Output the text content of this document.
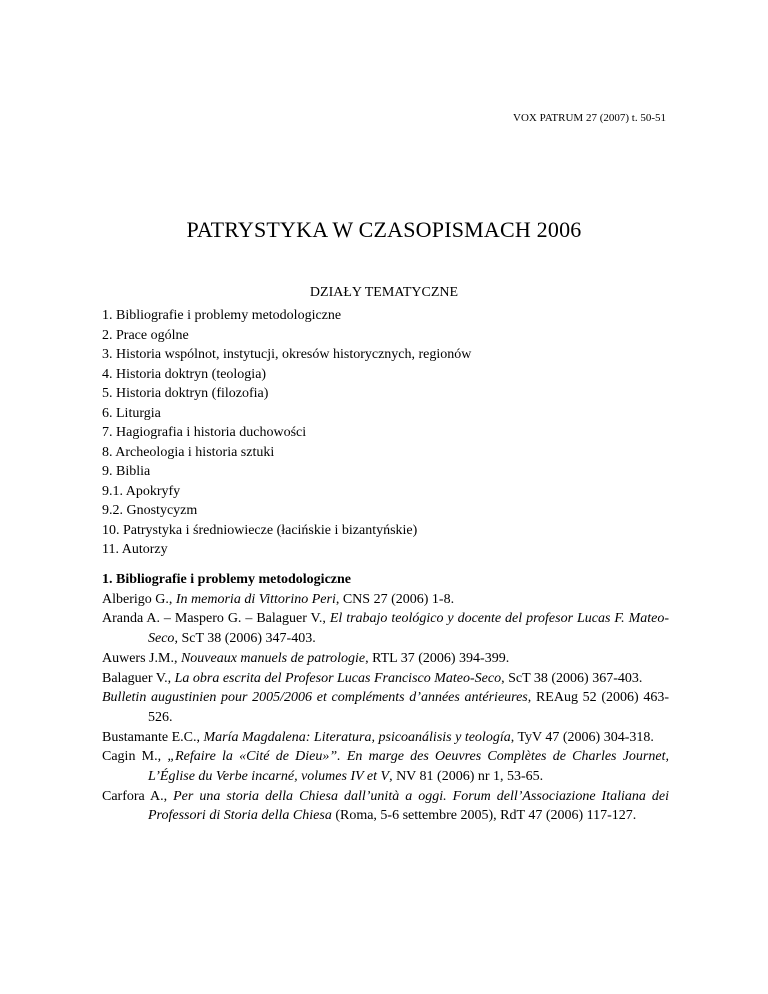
VOX PATRUM 27 (2007) t. 50-51
PATRYSTYKA W CZASOPISMACH 2006
DZIAŁY TEMATYCZNE
1. Bibliografie i problemy metodologiczne
2. Prace ogólne
3. Historia wspólnot, instytucji, okresów historycznych, regionów
4. Historia doktryn (teologia)
5. Historia doktryn (filozofia)
6. Liturgia
7. Hagiografia i historia duchowości
8. Archeologia i historia sztuki
9. Biblia
9.1. Apokryfy
9.2. Gnostycyzm
10. Patrystyka i średniowiecze (łacińskie i bizantyńskie)
11. Autorzy

1. Bibliografie i problemy metodologiczne

Alberigo G., In memoria di Vittorino Peri, CNS 27 (2006) 1-8.
Aranda A. – Maspero G. – Balaguer V., El trabajo teológico y docente del profesor Lucas F. Mateo-Seco, ScT 38 (2006) 347-403.
Auwers J.M., Nouveaux manuels de patrologie, RTL 37 (2006) 394-399.
Balaguer V., La obra escrita del Profesor Lucas Francisco Mateo-Seco, ScT 38 (2006) 367-403.
Bulletin augustinien pour 2005/2006 et compléments d’années antérieures, REAug 52 (2006) 463-526.
Bustamante E.C., María Magdalena: Literatura, psicoanálisis y teología, TyV 47 (2006) 304-318.
Cagin M., „Refaire la «Cité de Dieu»”. En marge des Oeuvres Complètes de Charles Journet, L’Église du Verbe incarné, volumes IV et V, NV 81 (2006) nr 1, 53-65.
Carfora A., Per una storia della Chiesa dall’unità a oggi. Forum dell’Associazione Italiana dei Professori di Storia della Chiesa (Roma, 5-6 settembre 2005), RdT 47 (2006) 117-127.
